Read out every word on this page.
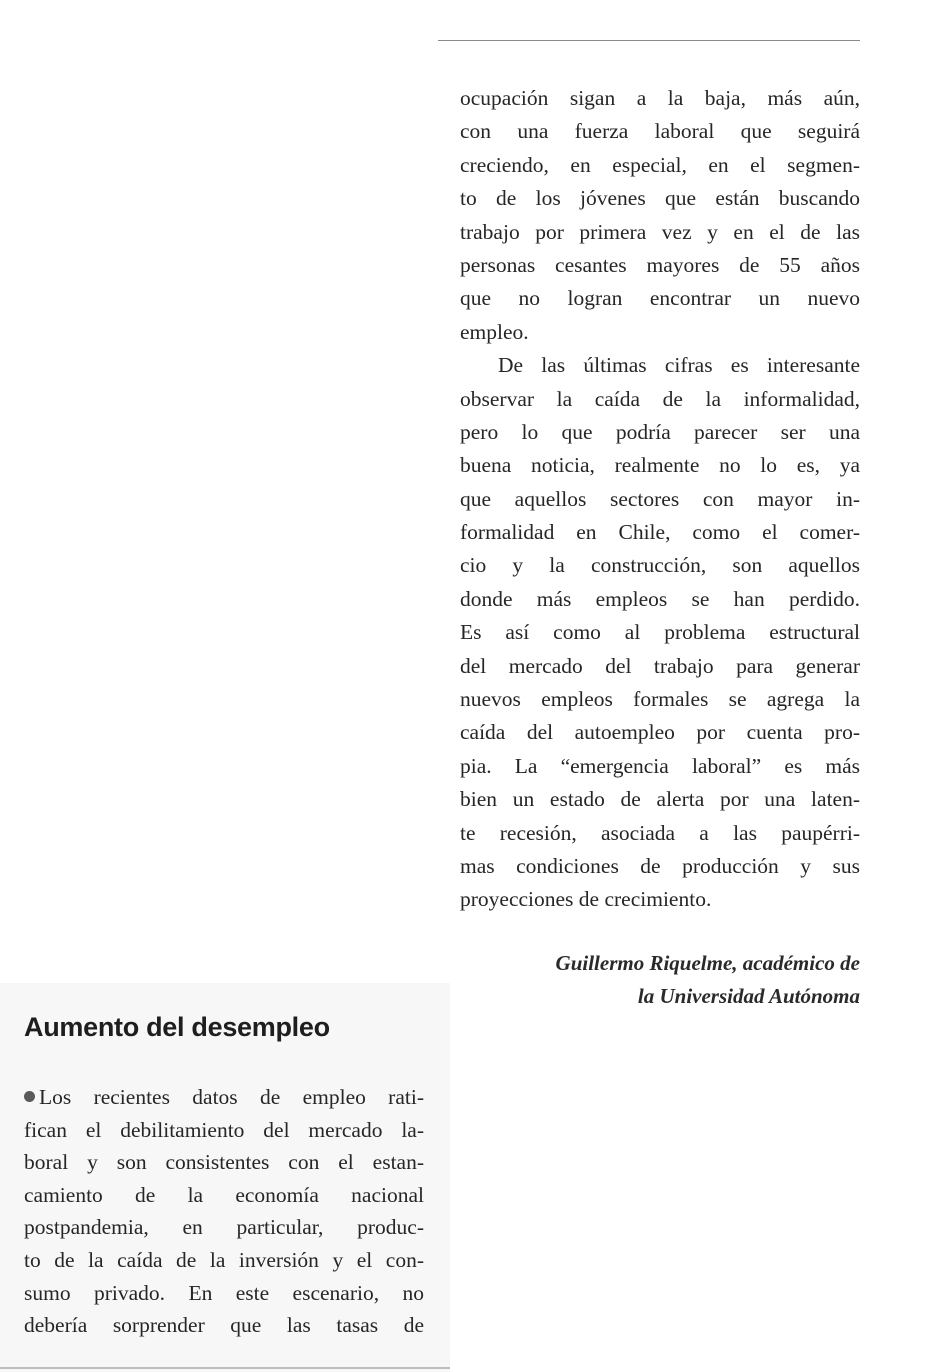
ocupación sigan a la baja, más aún,
con una fuerza laboral que seguirá
creciendo, en especial, en el segmen-
to de los jóvenes que están buscando
trabajo por primera vez y en el de las
personas cesantes mayores de 55 años
que no logran encontrar un nuevo
empleo.
De las últimas cifras es interesante
observar la caída de la informalidad,
pero lo que podría parecer ser una
buena noticia, realmente no lo es, ya
que aquellos sectores con mayor in-
formalidad en Chile, como el comer-
cio y la construcción, son aquellos
donde más empleos se han perdido.
Es así como al problema estructural
del mercado del trabajo para generar
nuevos empleos formales se agrega la
caída del autoempleo por cuenta pro-
pia. La “emergencia laboral” es más
bien un estado de alerta por una laten-
te recesión, asociada a las paupérri-
mas condiciones de producción y sus
proyecciones de crecimiento.
Guillermo Riquelme, académico de
la Universidad Autónoma
Aumento del desempleo
Los recientes datos de empleo rati-
fican el debilitamiento del mercado la-
boral y son consistentes con el estan-
camiento de la economía nacional
postpandemia, en particular, produc-
to de la caída de la inversión y el con-
sumo privado. En este escenario, no
debería sorprender que las tasas de
